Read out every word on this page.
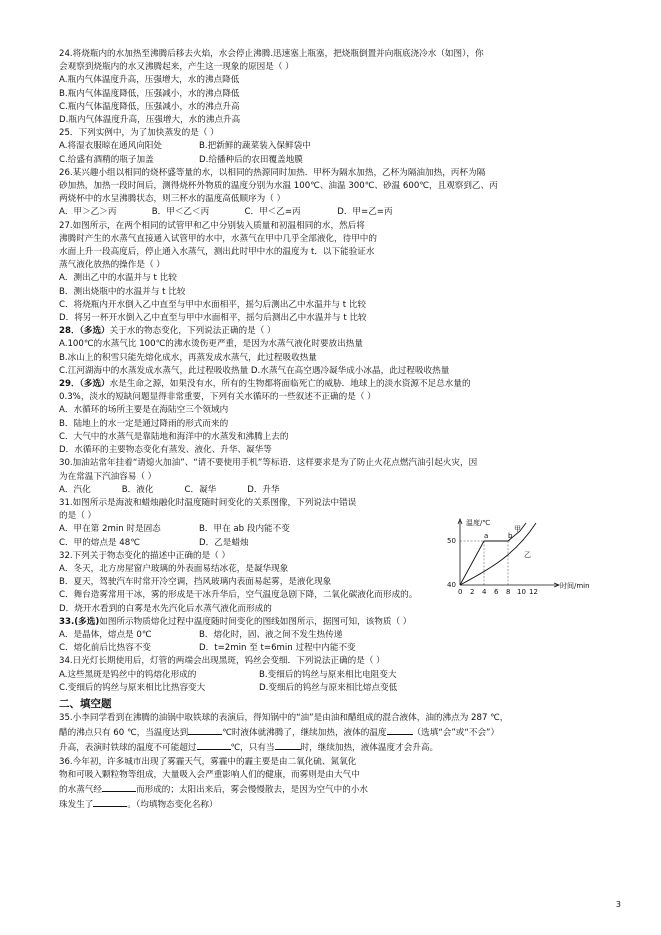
24.将烧瓶内的水加热至沸腾后移去火焰，水会停止沸腾.迅速塞上瓶塞，把烧瓶倒置并向瓶底浇冷水（如图），你
会观察到烧瓶内的水又沸腾起来，产生这一现象的原因是（ ）
A.瓶内气体温度升高，压强增大，水的沸点降低
B.瓶内气体温度降低，压强减小，水的沸点降低
C.瓶内气体温度降低，压强减小，水的沸点升高
D.瓶内气体温度升高，压强增大，水的沸点升高
25．下列实例中，为了加快蒸发的是（ ）
A.将湿衣服晾在通风向阳处	B.把新鲜的蔬菜装入保鲜袋中
C.给盛有酒精的瓶子加盖	D.给播种后的农田覆盖地膜
26.某兴趣小组以相同的烧杯盛等量的水，以相同的热源同时加热．甲杯为隔水加热，乙杯为隔油加热，丙杯为隔
砂加热，加热一段时间后，测得烧杯外物质的温度分别为水温 100℃、油温 300℃、砂温 600℃，且观察到乙、丙
两烧杯中的水呈沸腾状态，则三杯水的温度高低顺序为（ ）
A．甲＞乙＞丙	B．甲＜乙＜丙	C．甲＜乙=丙	D．甲=乙=丙
27.如图所示，在两个相同的试管甲和乙中分别装入质量和初温相同的水，然后将
沸腾时产生的水蒸气直接通入试管甲的水中，水蒸气在甲中几乎全部液化，待甲中的
水面上升一段高度后，停止通入水蒸气，测出此时甲中水的温度为 t．以下能验证水
蒸气液化放热的操作是（ ）
A．测出乙中的水温并与 t 比较
B．测出烧瓶中的水温并与 t 比较
C．将烧瓶内开水倒入乙中直至与甲中水面相平，摇匀后测出乙中水温并与 t 比较
D．将另一杯开水倒入乙中直至与甲中水面相平，摇匀后测出乙中水温并与 t 比较
28．（多选）关于水的物态变化，下列说法正确的是（ ）
A.100℃的水蒸气比 100℃的沸水烫伤更严重，是因为水蒸气液化时要放出热量
B.冰山上的积雪只能先熔化成水，再蒸发成水蒸气，此过程吸收热量
C.江河湖海中的水蒸发成水蒸气，此过程吸收热量 D.水蒸气在高空遇冷凝华成小冰晶，此过程吸收热量
29．（多选）水是生命之源，如果没有水，所有的生物都将面临死亡的威胁．地球上的淡水资源不足总水量的
0.3%，淡水的短缺问题显得非常重要，下列有关水循环的一些叙述不正确的是（ ）
A．水循环的场所主要是在海陆空三个领域内
B．陆地上的水一定是通过降雨的形式而来的
C．大气中的水蒸气是靠陆地和海洋中的水蒸发和沸腾上去的
D．水循环的主要物态变化有蒸发、液化、升华、凝华等
30.加油站常年挂着“请熄火加油”、“请不要使用手机”等标语．这样要求是为了防止火花点燃汽油引起火灾，因
为在常温下汽油容易（ ）
A．汽化	B．液化	C．凝华	D．升华
31.如图所示是海波和蜡烛融化时温度随时间变化的关系图像，下列说法中错误
的是（ ）
A．甲在第 2min 时是固态	B．甲在 ab 段内能不变
C．甲的熔点是 48℃	D．乙是蜡烛
32.下列关于物态变化的描述中正确的是（ ）
A．冬天，北方房屋窗户玻璃的外表面易结冰花，是凝华现象
B．夏天，驾驶汽车时常开冷空调，挡风玻璃内表面易起雾，是液化现象
C．舞台造雾常用干冰，雾的形成是干冰升华后，空气温度急剧下降，二氧化碳液化而形成的。
D．烧开水看到的白雾是水先汽化后水蒸气液化而形成的
33.(多选)如图所示物质熔化过程中温度随时间变化的图线如图所示，据图可知，该物质（ ）
A．是晶体，熔点是 0℃	B．熔化时，固、液之间不发生热传递
C．熔化前后比热容不变	D．t=2min 至 t=6min 过程中内能不变
34.日光灯长期使用后，灯管的两端会出现黑斑，钨丝会变细．下列说法正确的是（ ）
A.这些黑斑是钨丝中的钨熔化形成的	B.变细后的钨丝与原来相比电阻变大
C.变细后的钨丝与原来相比比热容变大	D.变细后的钨丝与原来相比熔点变低
二、填空题
35.小李同学看到在沸腾的油锅中取铁球的表演后，得知锅中的“油”是由油和醋组成的混合液体，油的沸点为 287 ℃，
醋的沸点只有 60 ℃，当温度达到	℃时液体就沸腾了，继续加热，液体的温度	（选填“会”或“不会”）
升高，表演时铁球的温度不可能超过	℃，只有当	时，继续加热，液体温度才会升高。
36.今年初，许多城市出现了雾霾天气，雾霾中的霾主要是由二氧化硫、氮氧化
物和可吸入颗粒物等组成，大量吸入会严重影响人们的健康，而雾则是由大气中
的水蒸气经	而形成的；太阳出来后，雾会慢慢散去，是因为空气中的小水
珠发生了	。（均填物态变化名称）
温度/℃
时间/min
50
40
0 2 4 6 8 10 12
a	b
甲
乙
3
